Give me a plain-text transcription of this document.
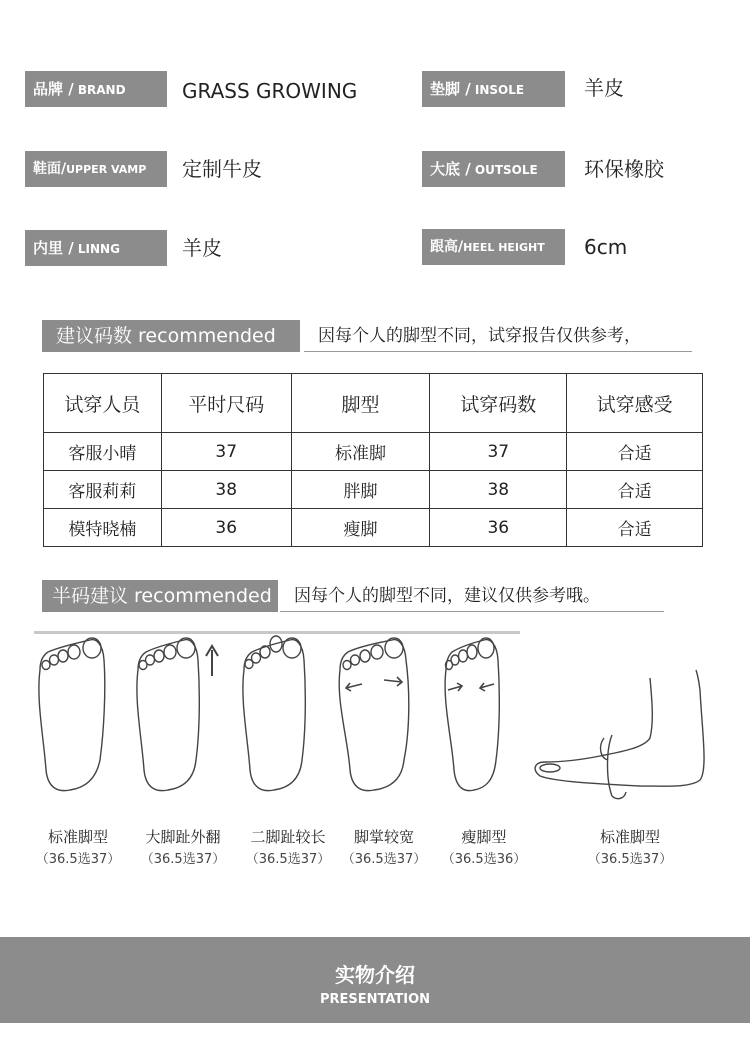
品牌 / BRAND	GRASS GROWING	垫脚 / INSOLE	羊皮
鞋面/UPPER VAMP	定制牛皮	大底 / OUTSOLE	环保橡胶
内里 / LINNG	羊皮	跟高/HEEL HEIGHT	6cm
建议码数 recommended	因每个人的脚型不同，试穿报告仅供参考，
试穿人员	平时尺码	脚型	试穿码数	试穿感受
客服小晴	37	标准脚	37	合适
客服莉莉	38	胖脚	38	合适
模特晓楠	36	瘦脚	36	合适
半码建议 recommended	因每个人的脚型不同，建议仅供参考哦。
标准脚型
（36.5选37）
大脚趾外翻
（36.5选37）
二脚趾较长
（36.5选37）
脚掌较宽
（36.5选37）
瘦脚型
（36.5选36）
标准脚型
（36.5选37）
实物介绍
PRESENTATION
